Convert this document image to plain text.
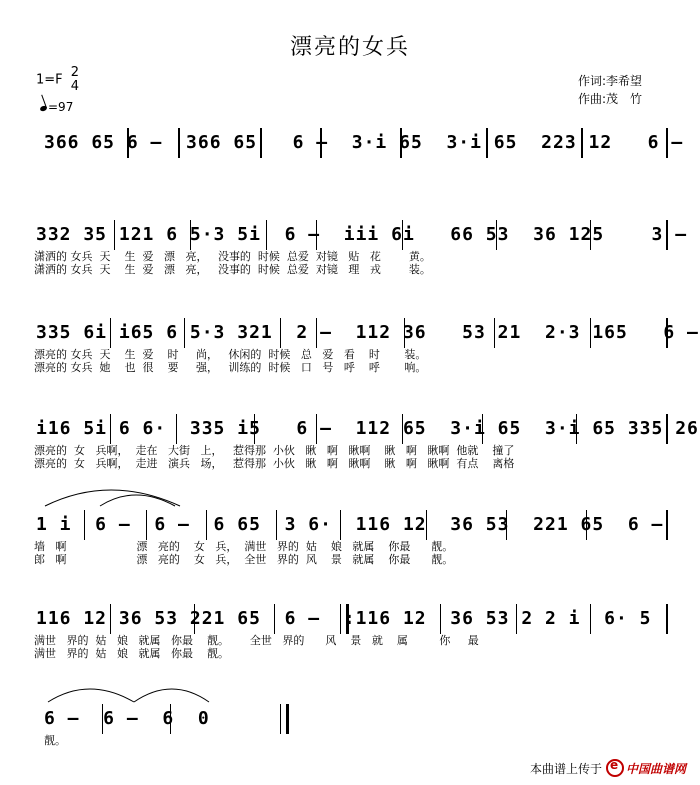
漂亮的女兵
1=F 2
4
=97
作词:李希望
作曲:茂　竹
366 65 6 –  366 65   6 –  3·i 65  3·i 65  223 12   6 –
332 35 121 6 5·3 5i  6 –  iii 6i   66 53  36 125    3 –
潇洒的 女兵  天    生  爱   漂   亮，   没事的  时候  总爱  对镜   贴   花        黄。
潇洒的 女兵  天    生  爱   漂   亮，   没事的  时候  总爱  对镜   理   戎        装。
335 6i i65 6 5·3 321  2 –  112 36   53 21  2·3 165   6 –
漂亮的 女兵  天    生  爱    时     尚，   休闲的  时候   总   爱   看    时       装。
漂亮的 女兵  她    也  很    要     强，   训练的  时候   口   号   呼    呼       响。
i16 5i 6 6·  335 i5   6 –  112 65  3·i 65  3·i 65 335 26
漂亮的  女   兵啊，  走在   大街   上，   惹得那  小伙   瞅   啊   瞅啊    瞅   啊   瞅啊  他就    撞了
漂亮的  女   兵啊，  走进   演兵   场，   惹得那  小伙   瞅   啊   瞅啊    瞅   啊   瞅啊  有点    离格
1 i  6 –  6 –  6 65  3 6·  116 12  36 53  221 65  6 –
墙   啊                    漂   亮的    女   兵，  满世   界的  姑    娘   就属    你最      靓。
郎   啊                    漂   亮的    女   兵，  全世   界的  风    景   就属    你最      靓。
116 12 36 53 221 65  6 –  :116 12  36 53 2 2 i  6· 5
满世   界的  姑   娘   就属   你最    靓。      全世   界的      风    景   就    属         你     最
满世   界的  姑   娘   就属   你最    靓。
6 –  6 –  6  0
靓。
本曲谱上传于
e 中国曲谱网
